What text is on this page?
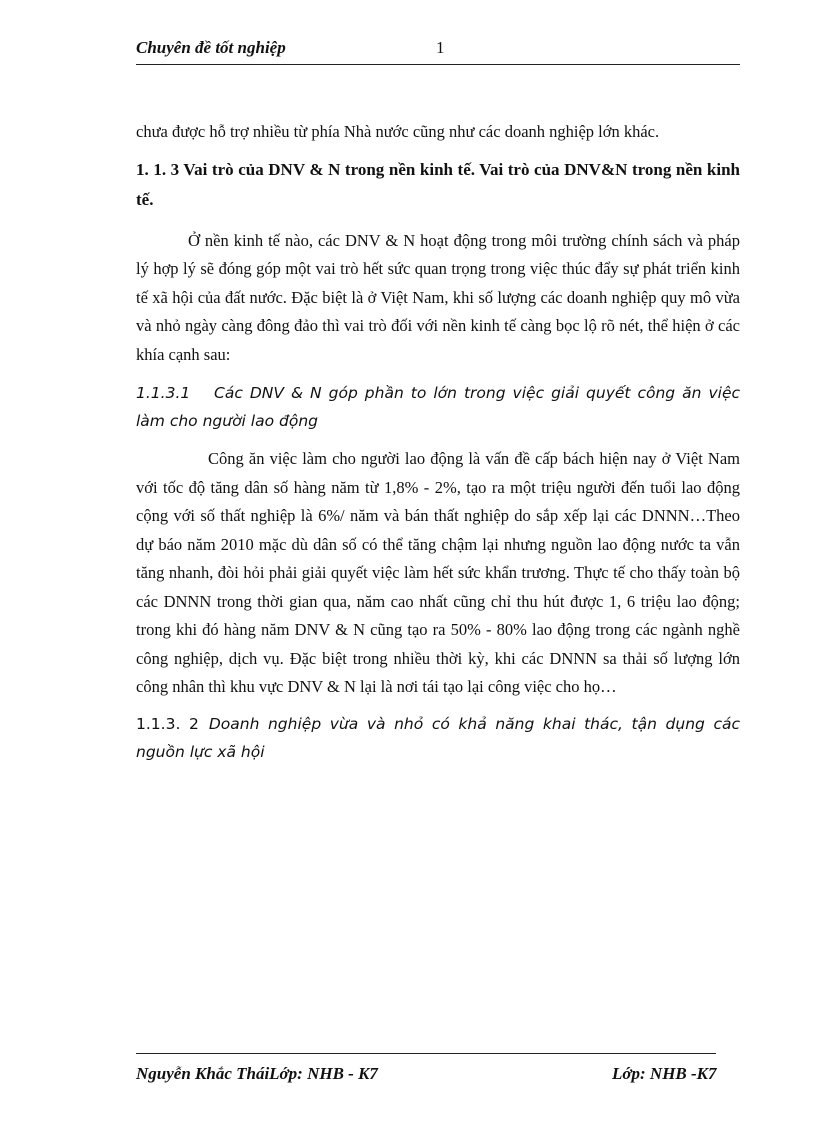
Chuyên đề tốt nghiệp	1

chưa được hỗ trợ nhiều từ phía Nhà nước cũng như các doanh nghiệp lớn khác.

1. 1. 3 Vai trò của DNV & N trong nền kinh tế. Vai trò của DNV&N trong nền kinh tế.

Ở nền kinh tế nào, các DNV & N hoạt động trong môi trường chính sách và pháp lý hợp lý sẽ đóng góp một vai trò hết sức quan trọng trong việc thúc đẩy sự phát triển kinh tế xã hội của đất nước. Đặc biệt là ở Việt Nam, khi số lượng các doanh nghiệp quy mô vừa và nhỏ ngày càng đông đảo thì vai trò đối với nền kinh tế càng bọc lộ rõ nét, thể hiện ở các khía cạnh sau:

1.1.3.1 Các DNV & N góp phần to lớn trong việc giải quyết công ăn việc làm cho người lao động

Công ăn việc làm cho người lao động là vấn đề cấp bách hiện nay ở Việt Nam với tốc độ tăng dân số hàng năm từ 1,8% - 2%, tạo ra một triệu người đến tuổi lao động cộng với số thất nghiệp là 6%/ năm và bán thất nghiệp do sắp xếp lại các DNNN…Theo dự báo năm 2010 mặc dù dân số có thể tăng chậm lại nhưng nguồn lao động nước ta vẫn tăng nhanh, đòi hỏi phải giải quyết việc làm hết sức khẩn trương. Thực tế cho thấy toàn bộ các DNNN trong thời gian qua, năm cao nhất cũng chỉ thu hút được 1, 6 triệu lao động; trong khi đó hàng năm DNV & N cũng tạo ra 50% - 80% lao động trong các ngành nghề công nghiệp, dịch vụ. Đặc biệt trong nhiều thời kỳ, khi các DNNN sa thải số lượng lớn công nhân thì khu vực DNV & N lại là nơi tái tạo lại công việc cho họ…

1.1.3. 2 Doanh nghiệp vừa và nhỏ có khả năng khai thác, tận dụng các nguồn lực xã hội

Nguyễn Khắc TháiLớp: NHB - K7	Lớp: NHB -K7
